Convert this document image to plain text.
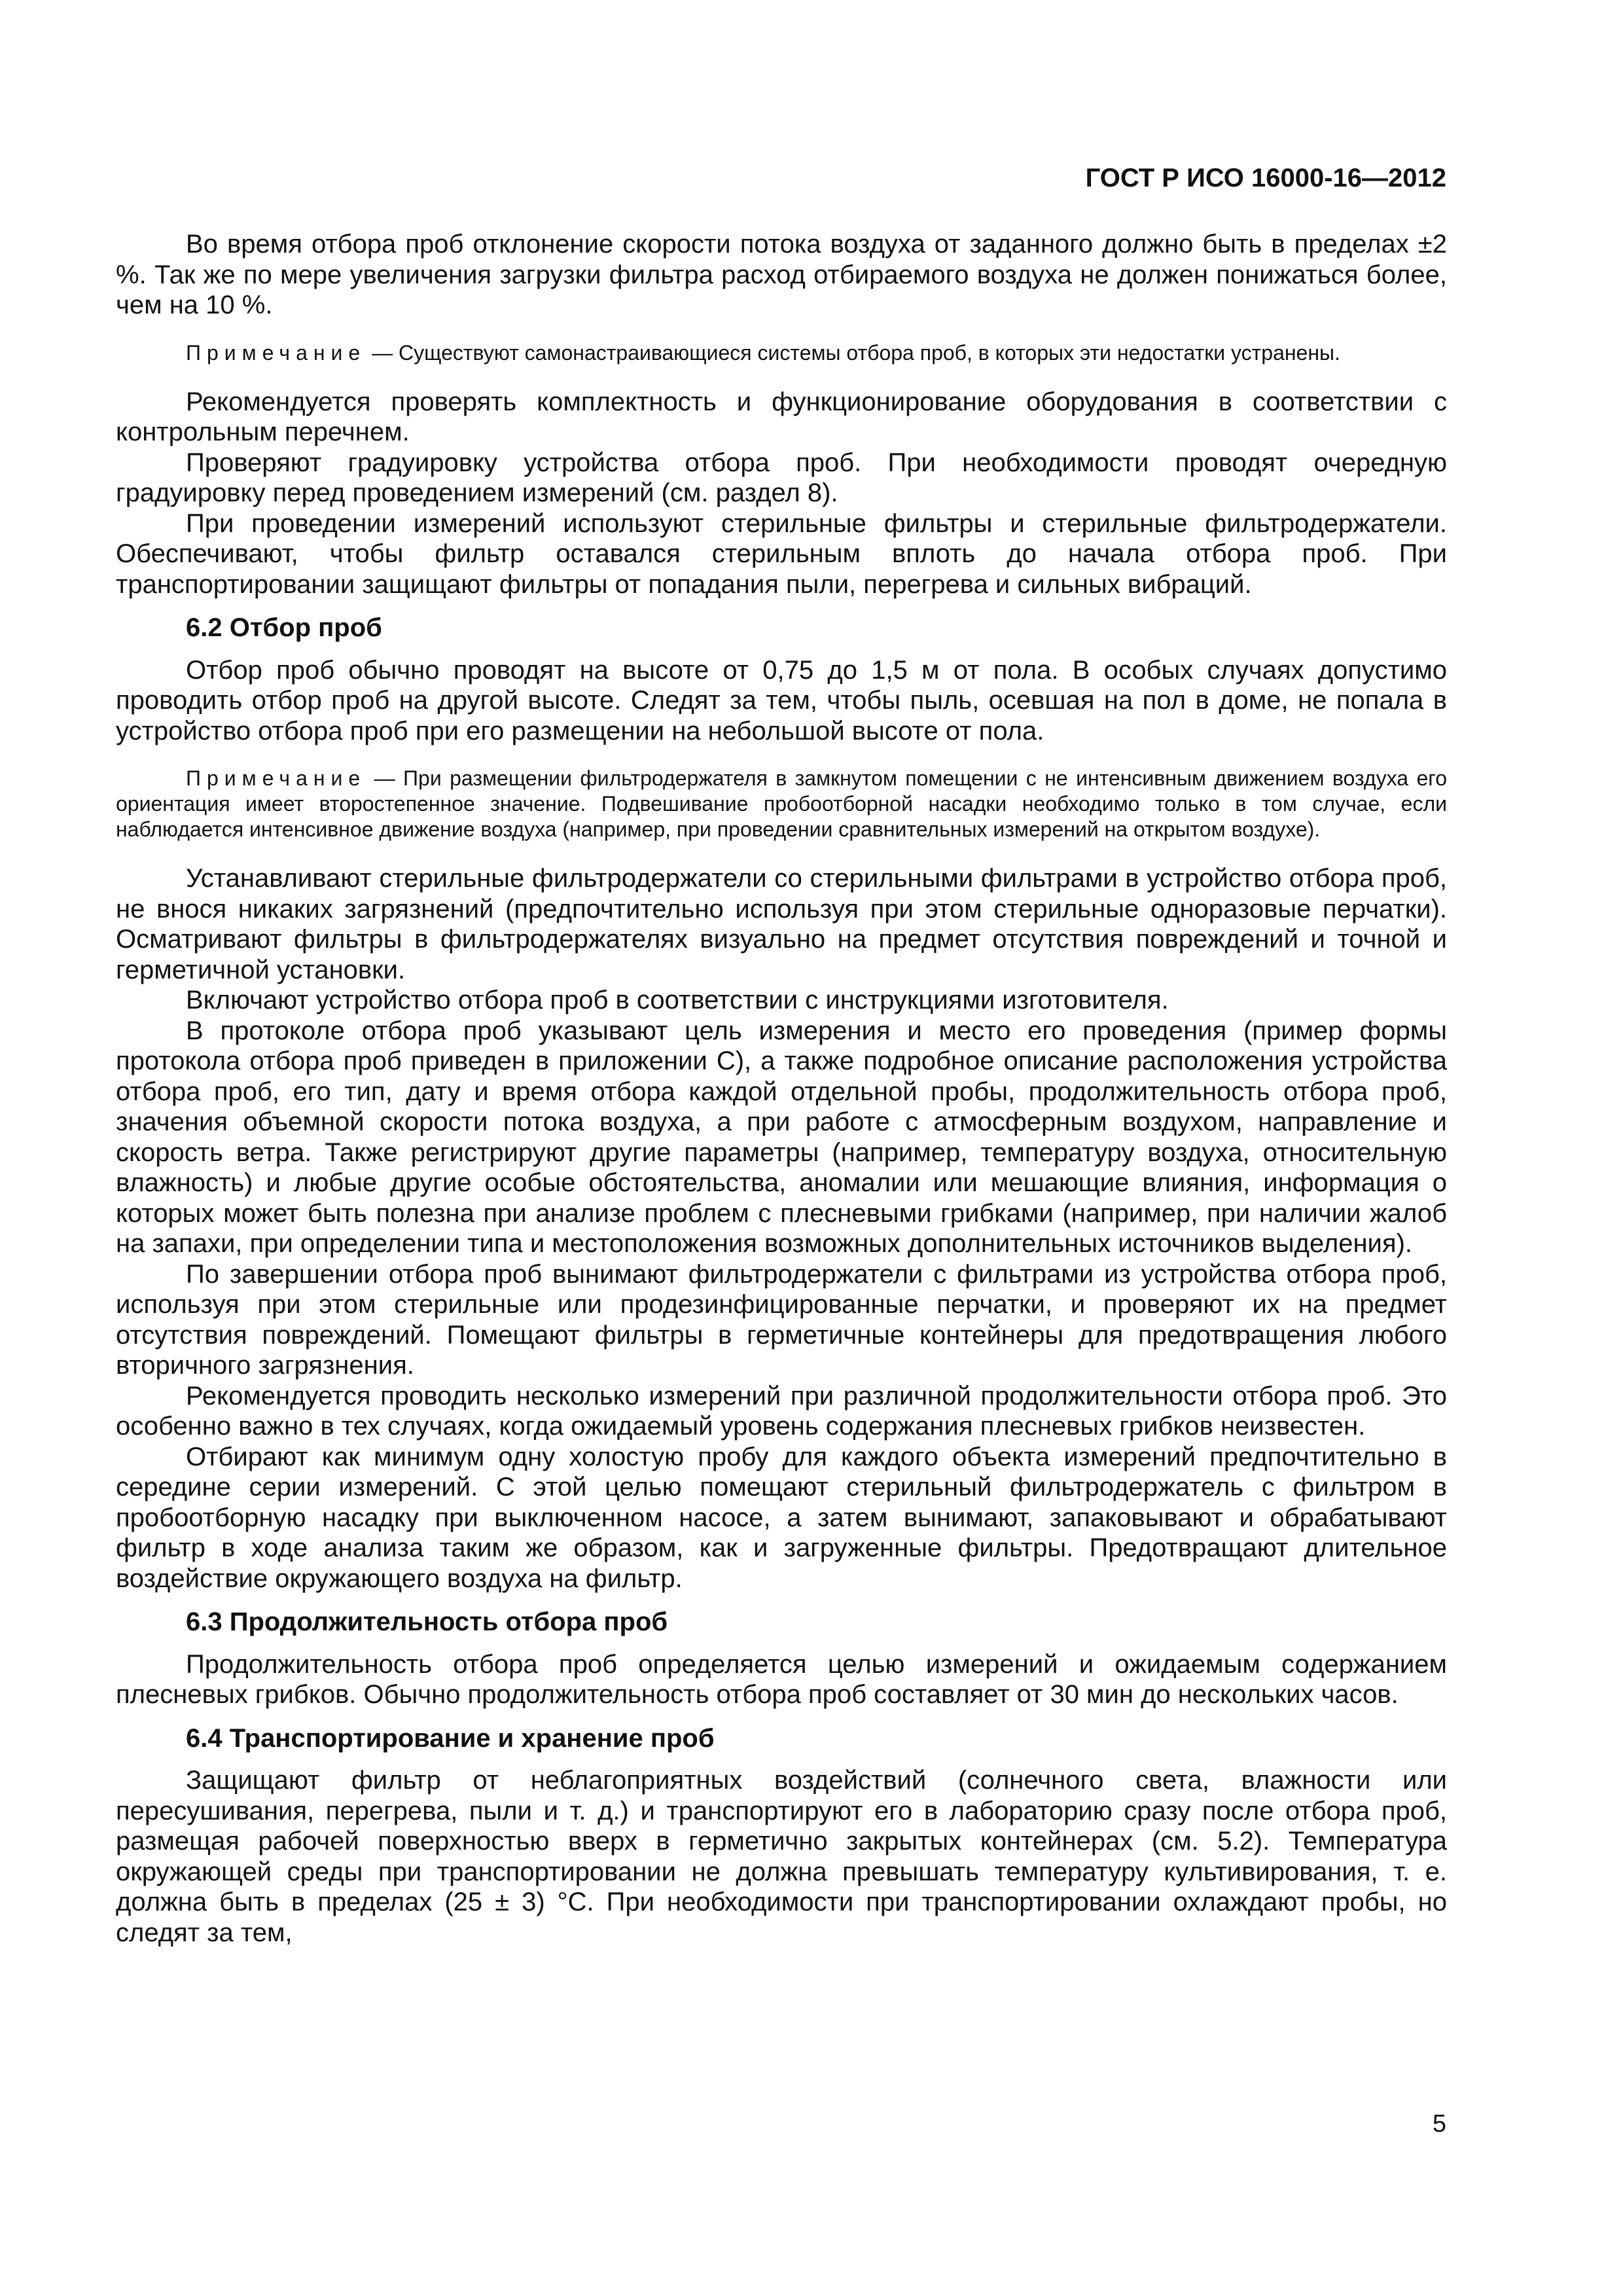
ГОСТ Р ИСО 16000-16—2012

Во время отбора проб отклонение скорости потока воздуха от заданного должно быть в пределах ±2 %. Так же по мере увеличения загрузки фильтра расход отбираемого воздуха не должен понижаться более, чем на 10 %.

Примечание — Существуют самонастраивающиеся системы отбора проб, в которых эти недостатки устранены.

Рекомендуется проверять комплектность и функционирование оборудования в соответствии с контрольным перечнем.

Проверяют градуировку устройства отбора проб. При необходимости проводят очередную градуировку перед проведением измерений (см. раздел 8).

При проведении измерений используют стерильные фильтры и стерильные фильтродержатели. Обеспечивают, чтобы фильтр оставался стерильным вплоть до начала отбора проб. При транспортировании защищают фильтры от попадания пыли, перегрева и сильных вибраций.

6.2 Отбор проб

Отбор проб обычно проводят на высоте от 0,75 до 1,5 м от пола. В особых случаях допустимо проводить отбор проб на другой высоте. Следят за тем, чтобы пыль, осевшая на пол в доме, не попала в устройство отбора проб при его размещении на небольшой высоте от пола.

Примечание — При размещении фильтродержателя в замкнутом помещении с не интенсивным движением воздуха его ориентация имеет второстепенное значение. Подвешивание пробоотборной насадки необходимо только в том случае, если наблюдается интенсивное движение воздуха (например, при проведении сравнительных измерений на открытом воздухе).

Устанавливают стерильные фильтродержатели со стерильными фильтрами в устройство отбора проб, не внося никаких загрязнений (предпочтительно используя при этом стерильные одноразовые перчатки). Осматривают фильтры в фильтродержателях визуально на предмет отсутствия повреждений и точной и герметичной установки.

Включают устройство отбора проб в соответствии с инструкциями изготовителя.

В протоколе отбора проб указывают цель измерения и место его проведения (пример формы протокола отбора проб приведен в приложении С), а также подробное описание расположения устройства отбора проб, его тип, дату и время отбора каждой отдельной пробы, продолжительность отбора проб, значения объемной скорости потока воздуха, а при работе с атмосферным воздухом, направление и скорость ветра. Также регистрируют другие параметры (например, температуру воздуха, относительную влажность) и любые другие особые обстоятельства, аномалии или мешающие влияния, информация о которых может быть полезна при анализе проблем с плесневыми грибками (например, при наличии жалоб на запахи, при определении типа и местоположения возможных дополнительных источников выделения).

По завершении отбора проб вынимают фильтродержатели с фильтрами из устройства отбора проб, используя при этом стерильные или продезинфицированные перчатки, и проверяют их на предмет отсутствия повреждений. Помещают фильтры в герметичные контейнеры для предотвращения любого вторичного загрязнения.

Рекомендуется проводить несколько измерений при различной продолжительности отбора проб. Это особенно важно в тех случаях, когда ожидаемый уровень содержания плесневых грибков неизвестен.

Отбирают как минимум одну холостую пробу для каждого объекта измерений предпочтительно в середине серии измерений. С этой целью помещают стерильный фильтродержатель с фильтром в пробоотборную насадку при выключенном насосе, а затем вынимают, запаковывают и обрабатывают фильтр в ходе анализа таким же образом, как и загруженные фильтры. Предотвращают длительное воздействие окружающего воздуха на фильтр.

6.3 Продолжительность отбора проб

Продолжительность отбора проб определяется целью измерений и ожидаемым содержанием плесневых грибков. Обычно продолжительность отбора проб составляет от 30 мин до нескольких часов.

6.4 Транспортирование и хранение проб

Защищают фильтр от неблагоприятных воздействий (солнечного света, влажности или пересушивания, перегрева, пыли и т. д.) и транспортируют его в лабораторию сразу после отбора проб, размещая рабочей поверхностью вверх в герметично закрытых контейнерах (см. 5.2). Температура окружающей среды при транспортировании не должна превышать температуру культивирования, т. е. должна быть в пределах (25 ± 3) °С. При необходимости при транспортировании охлаждают пробы, но следят за тем,

5
